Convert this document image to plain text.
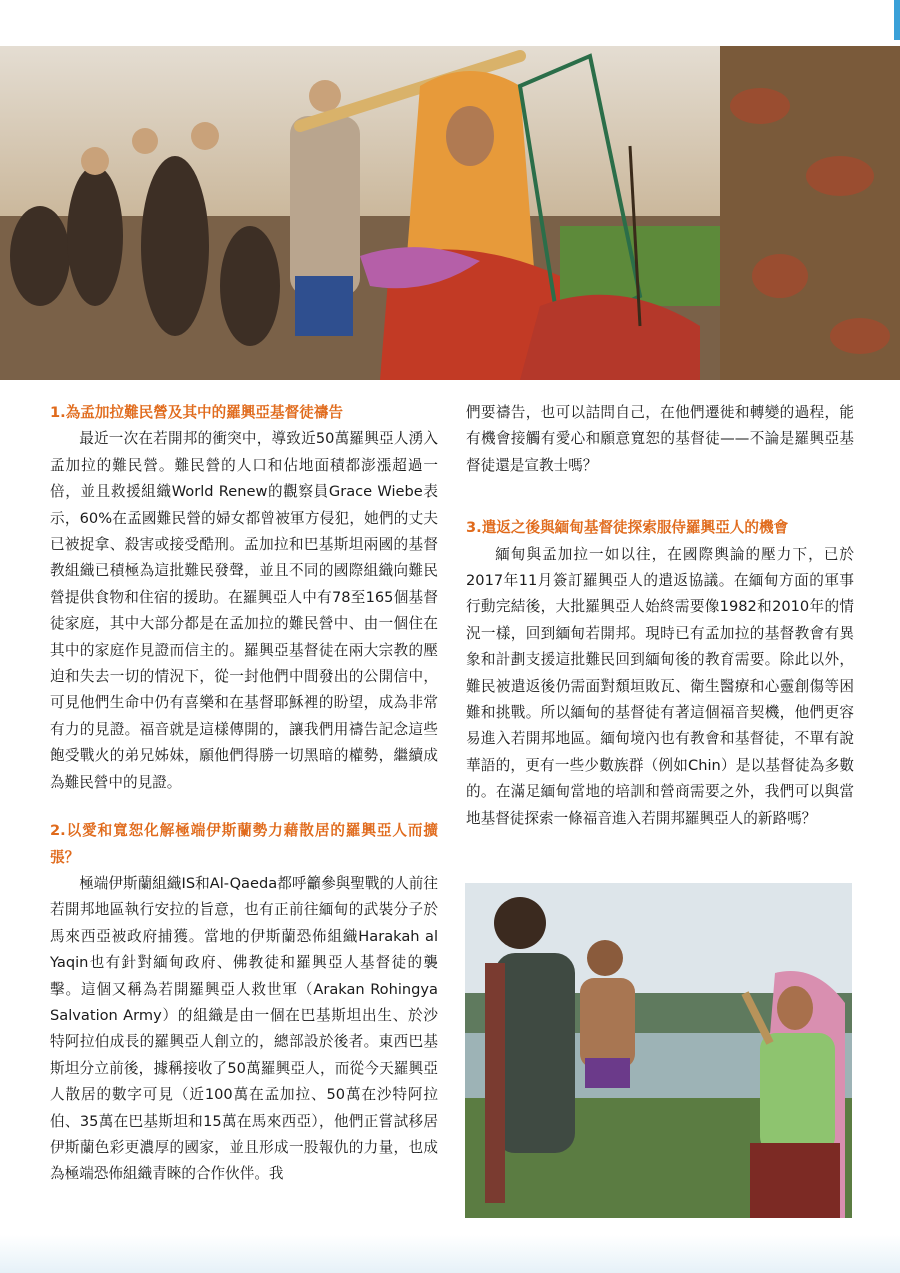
1.為孟加拉難民營及其中的羅興亞基督徒禱告

最近一次在若開邦的衝突中，導致近50萬羅興亞人湧入孟加拉的難民營。難民營的人口和佔地面積都澎漲超過一倍，並且救援組織World Renew的觀察員Grace Wiebe表示，60%在孟國難民營的婦女都曾被軍方侵犯，她們的丈夫已被捉拿、殺害或接受酷刑。孟加拉和巴基斯坦兩國的基督教組織已積極為這批難民發聲，並且不同的國際組織向難民營提供食物和住宿的援助。在羅興亞人中有78至165個基督徒家庭，其中大部分都是在孟加拉的難民營中、由一個住在其中的家庭作見證而信主的。羅興亞基督徒在兩大宗教的壓迫和失去一切的情況下，從一封他們中間發出的公開信中，可見他們生命中仍有喜樂和在基督耶穌裡的盼望，成為非常有力的見證。福音就是這樣傳開的，讓我們用禱告記念這些飽受戰火的弟兄姊妹，願他們得勝一切黑暗的權勢，繼續成為難民營中的見證。

2.以愛和寬恕化解極端伊斯蘭勢力藉散居的羅興亞人而擴張？

極端伊斯蘭組織IS和Al-Qaeda都呼籲參與聖戰的人前往若開邦地區執行安拉的旨意，也有正前往緬甸的武裝分子於馬來西亞被政府捕獲。當地的伊斯蘭恐佈組織Harakah al Yaqin也有針對緬甸政府、佛教徒和羅興亞人基督徒的襲擊。這個又稱為若開羅興亞人救世軍（Arakan Rohingya Salvation Army）的組織是由一個在巴基斯坦出生、於沙特阿拉伯成長的羅興亞人創立的，總部設於後者。東西巴基斯坦分立前後，據稱接收了50萬羅興亞人，而從今天羅興亞人散居的數字可見（近100萬在孟加拉、50萬在沙特阿拉伯、35萬在巴基斯坦和15萬在馬來西亞），他們正嘗試移居伊斯蘭色彩更濃厚的國家，並且形成一股報仇的力量，也成為極端恐佈組織青睞的合作伙伴。我

們要禱告，也可以詰問自己，在他們遷徙和轉變的過程，能有機會接觸有愛心和願意寬恕的基督徒——不論是羅興亞基督徒還是宣教士嗎？

3.遣返之後與緬甸基督徒探索服侍羅興亞人的機會

緬甸與孟加拉一如以往，在國際輿論的壓力下，已於2017年11月簽訂羅興亞人的遣返協議。在緬甸方面的軍事行動完結後，大批羅興亞人始終需要像1982和2010年的情況一樣，回到緬甸若開邦。現時已有孟加拉的基督教會有異象和計劃支援這批難民回到緬甸後的教育需要。除此以外，難民被遣返後仍需面對頹垣敗瓦、衛生醫療和心靈創傷等困難和挑戰。所以緬甸的基督徒有著這個福音契機，他們更容易進入若開邦地區。緬甸境內也有教會和基督徒，不單有說華語的，更有一些少數族群（例如Chin）是以基督徒為多數的。在滿足緬甸當地的培訓和營商需要之外，我們可以與當地基督徒探索一條福音進入若開邦羅興亞人的新路嗎？
